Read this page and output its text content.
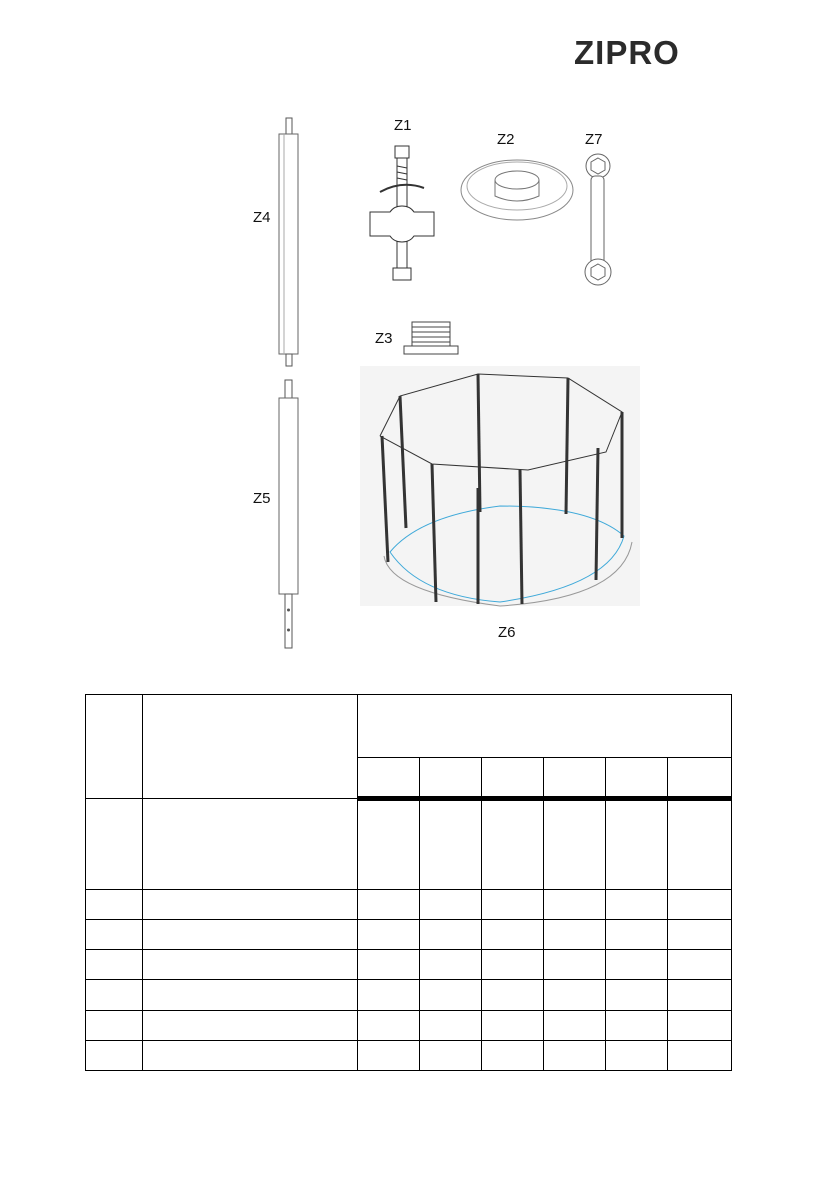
ZIPRO
Z4
Z5
Z1
Z2	Z7
Z3
Z6
